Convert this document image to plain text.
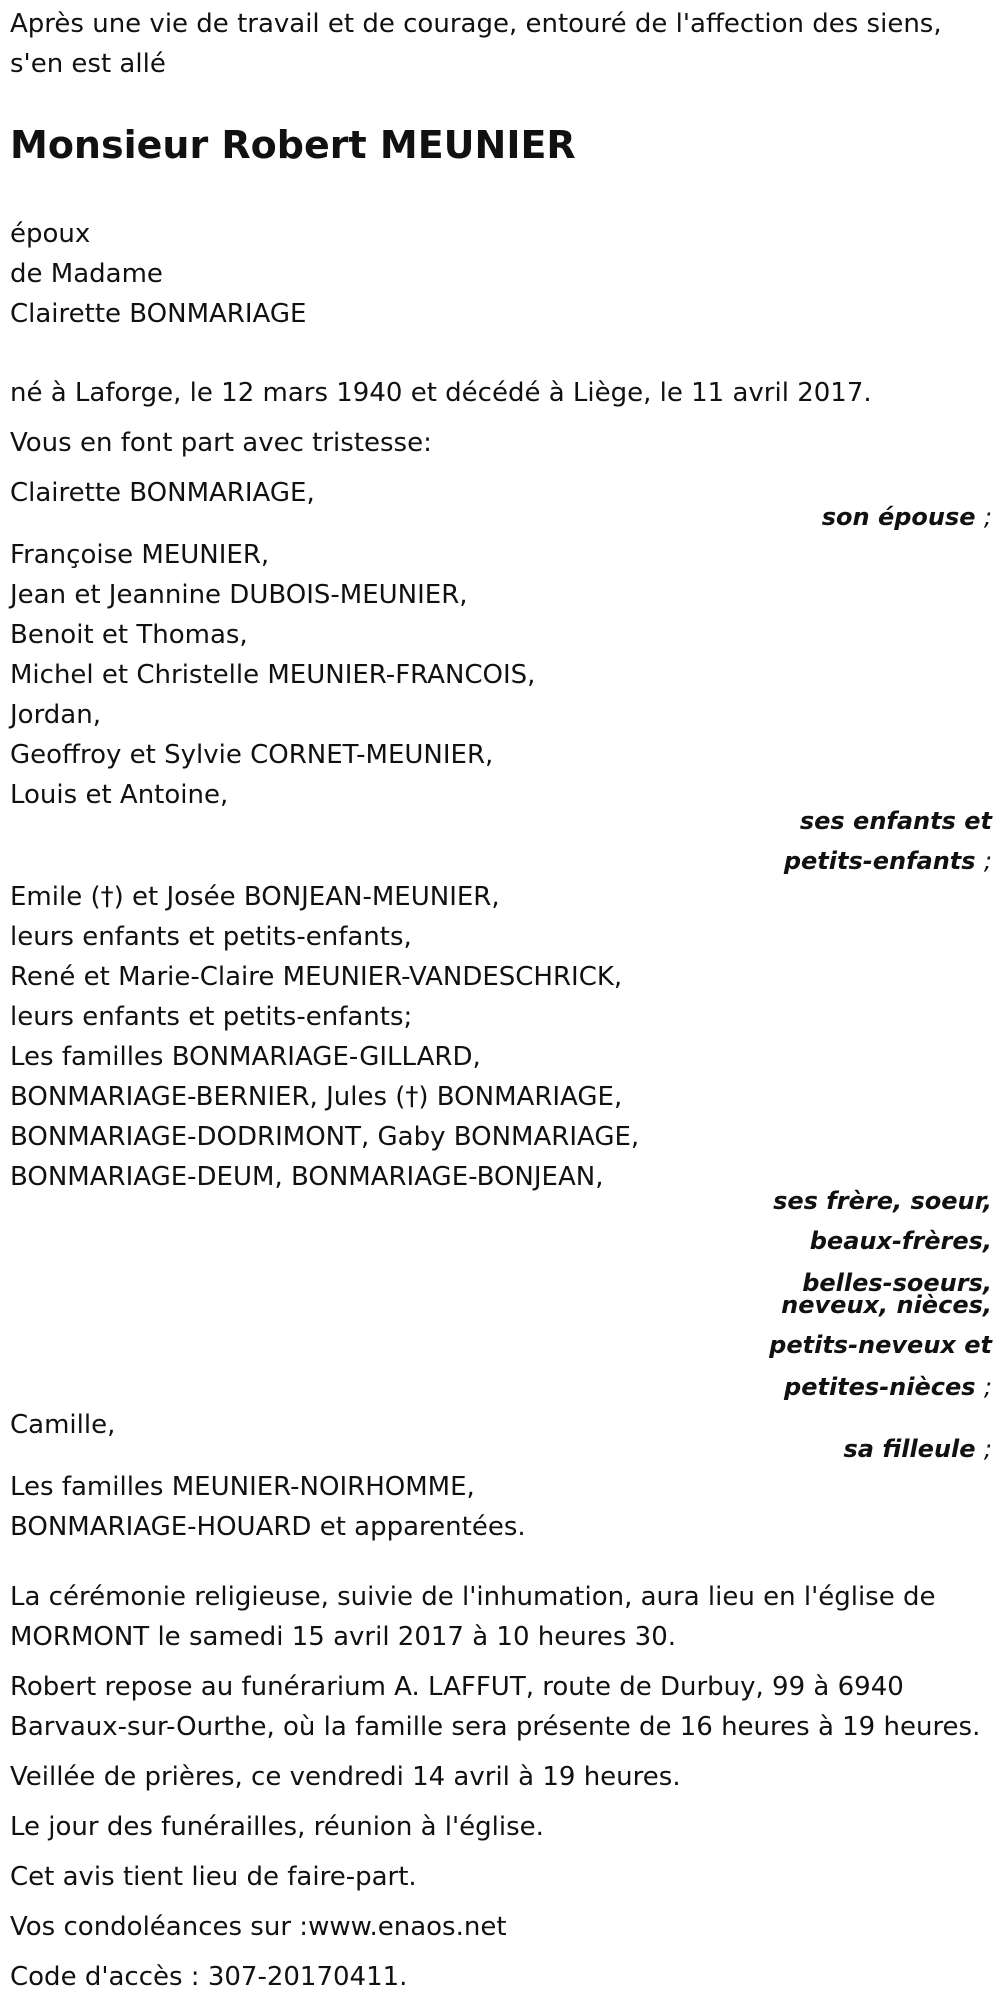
Après une vie de travail et de courage, entouré de l'affection des siens,
s'en est allé
Monsieur Robert MEUNIER
époux
de Madame
Clairette BONMARIAGE

né à Laforge, le 12 mars 1940 et décédé à Liège, le 11 avril 2017.

Vous en font part avec tristesse:

Clairette BONMARIAGE,

son épouse ;
Françoise MEUNIER,
Jean et Jeannine DUBOIS-MEUNIER,
Benoit et Thomas,
Michel et Christelle MEUNIER-FRANCOIS,
Jordan,
Geoffroy et Sylvie CORNET-MEUNIER,
Louis et Antoine,
ses enfants et
petits-enfants ;
Emile (†) et Josée BONJEAN-MEUNIER,
leurs enfants et petits-enfants,
René et Marie-Claire MEUNIER-VANDESCHRICK,
leurs enfants et petits-enfants;
Les familles BONMARIAGE-GILLARD,
BONMARIAGE-BERNIER, Jules (†) BONMARIAGE,
BONMARIAGE-DODRIMONT, Gaby BONMARIAGE,
BONMARIAGE-DEUM, BONMARIAGE-BONJEAN,
ses frère, soeur,
beaux-frères,
belles-soeurs,
neveux, nièces,
petits-neveux et
petites-nièces ;

Camille,

sa filleule ;
Les familles MEUNIER-NOIRHOMME,
BONMARIAGE-HOUARD et apparentées.
La cérémonie religieuse, suivie de l'inhumation, aura lieu en l'église de
MORMONT le samedi 15 avril 2017 à 10 heures 30.
Robert repose au funérarium A. LAFFUT, route de Durbuy, 99 à 6940
Barvaux-sur-Ourthe, où la famille sera présente de 16 heures à 19 heures.

Veillée de prières, ce vendredi 14 avril à 19 heures.

Le jour des funérailles, réunion à l'église.

Cet avis tient lieu de faire-part.

Vos condoléances sur :www.enaos.net

Code d'accès : 307-20170411.
